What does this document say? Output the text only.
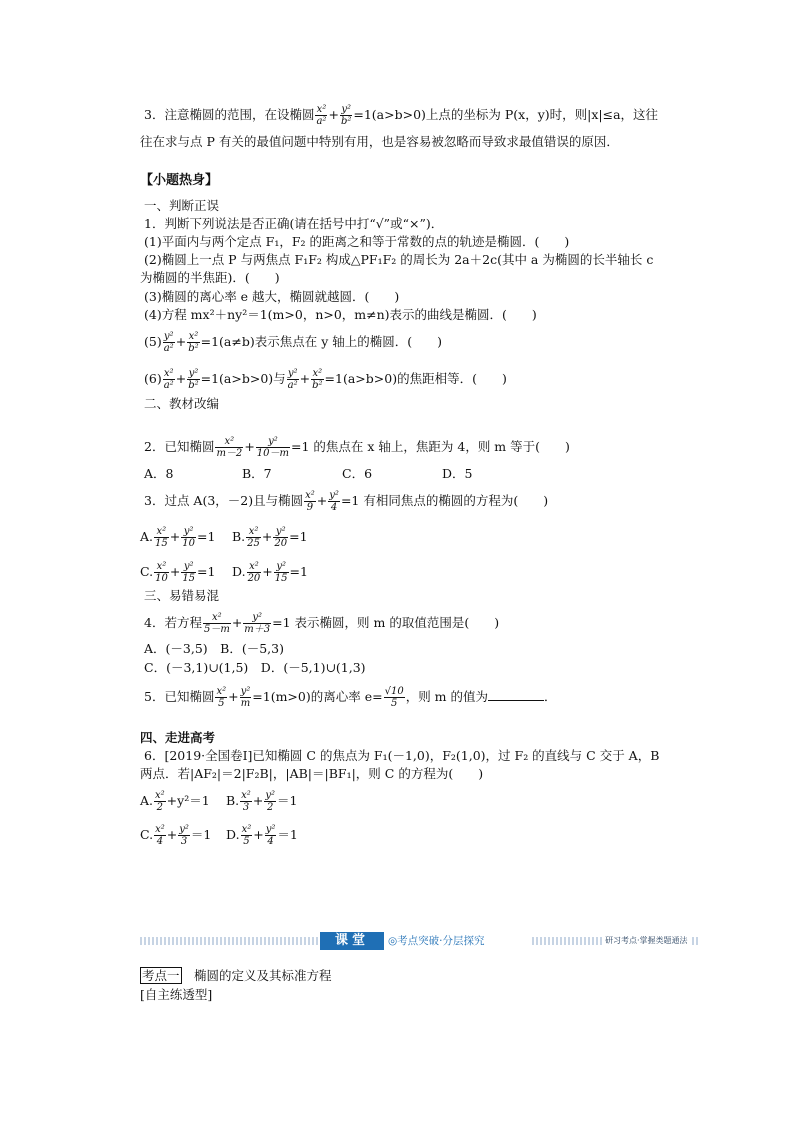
3．注意椭圆的范围，在设椭圆 $\frac{\text{x²}}{\text{a²}} + \frac{\text{y²}}{\text{b²}} =1(a>b>0)$上点的坐标为 P(x，y)时，则|x|≤a，这往
往在求与点 P 有关的最值问题中特别有用，也是容易被忽略而导致求最值错误的原因．
【小题热身】
一、判断正误
1．判断下列说法是否正确(请在括号中打“√”或“×”)．
(1)平面内与两个定点 F₁，F₂ 的距离之和等于常数的点的轨迹是椭圆．(　　)
(2)椭圆上一点 P 与两焦点 F₁F₂ 构成△PF₁F₂ 的周长为 2a＋2c(其中 a 为椭圆的长半轴长 c
为椭圆的半焦距)．(　　)
(3)椭圆的离心率 e 越大，椭圆就越圆．(　　)
(4)方程 mx²＋ny²＝1(m>0，n>0，m≠n)表示的曲线是椭圆．(　　)
$(5) \frac{\text{y²}}{\text{a²}} + \frac{\text{x²}}{\text{b²}} =1(a\ne b)$表示焦点在 y 轴上的椭圆．(　　)
$(6) \frac{\text{x²}}{\text{a²}} + \frac{\text{y²}}{\text{b²}} =1(a>b>0)$与 $\frac{\text{y²}}{\text{a²}} + \frac{\text{x²}}{\text{b²}} =1(a>b>0)$的焦距相等．(　　)
二、教材改编
2．已知椭圆 $\frac{\text{x²}}{m-2} + \frac{\text{y²}}{10-m} =1$ 的焦点在 x 轴上，焦距为 4，则 m 等于(　　)
A．8	B．7	C．6	D．5
3．过点 A(3，－2)且与椭圆 $\frac{\text{x²}}{9} + \frac{\text{y²}}{4} =1$ 有相同焦点的椭圆的方程为(　　)
A. $\frac{\text{x²}}{15} + \frac{\text{y²}}{10} =1$ B. $\frac{\text{x²}}{25} + \frac{\text{y²}}{20} =1$
C. $\frac{\text{x²}}{10} + \frac{\text{y²}}{15} =1$ D. $\frac{\text{x²}}{20} + \frac{\text{y²}}{15} =1$
三、易错易混
4．若方程 $\frac{\text{x²}}{5-m} + \frac{\text{y²}}{m+3} =1$ 表示椭圆，则 m 的取值范围是(　　)
A．(－3,5)　B．(－5,3)
C．(－3,1)∪(1,5)　D．(－5,1)∪(1,3)
5．已知椭圆 $\frac{\text{x²}}{5} + \frac{\text{y²}}{m} =1(m>0)$的离心率 $e= \frac{√10}{5}$ ，则 m 的值为	．
四、走进高考
6．[2019·全国卷Ⅰ]已知椭圆 C 的焦点为 F₁(－1,0)，F₂(1,0)，过 F₂ 的直线与 C 交于 A，B
两点．若|AF₂|＝2|F₂B|，|AB|＝|BF₁|，则 C 的方程为(　　)
A. $\frac{\text{x²}}{2} +y^2=1$ B. $\frac{\text{x²}}{3} + \frac{\text{y²}}{2} =1$
C. $\frac{\text{x²}}{4} + \frac{\text{y²}}{3} =1$ D. $\frac{\text{x²}}{5} + \frac{\text{y²}}{4} =1$
课堂	◎考点突破·分层探究	研习考点·掌握类题通法
考点一　椭圆的定义及其标准方程
[自主练透型]
